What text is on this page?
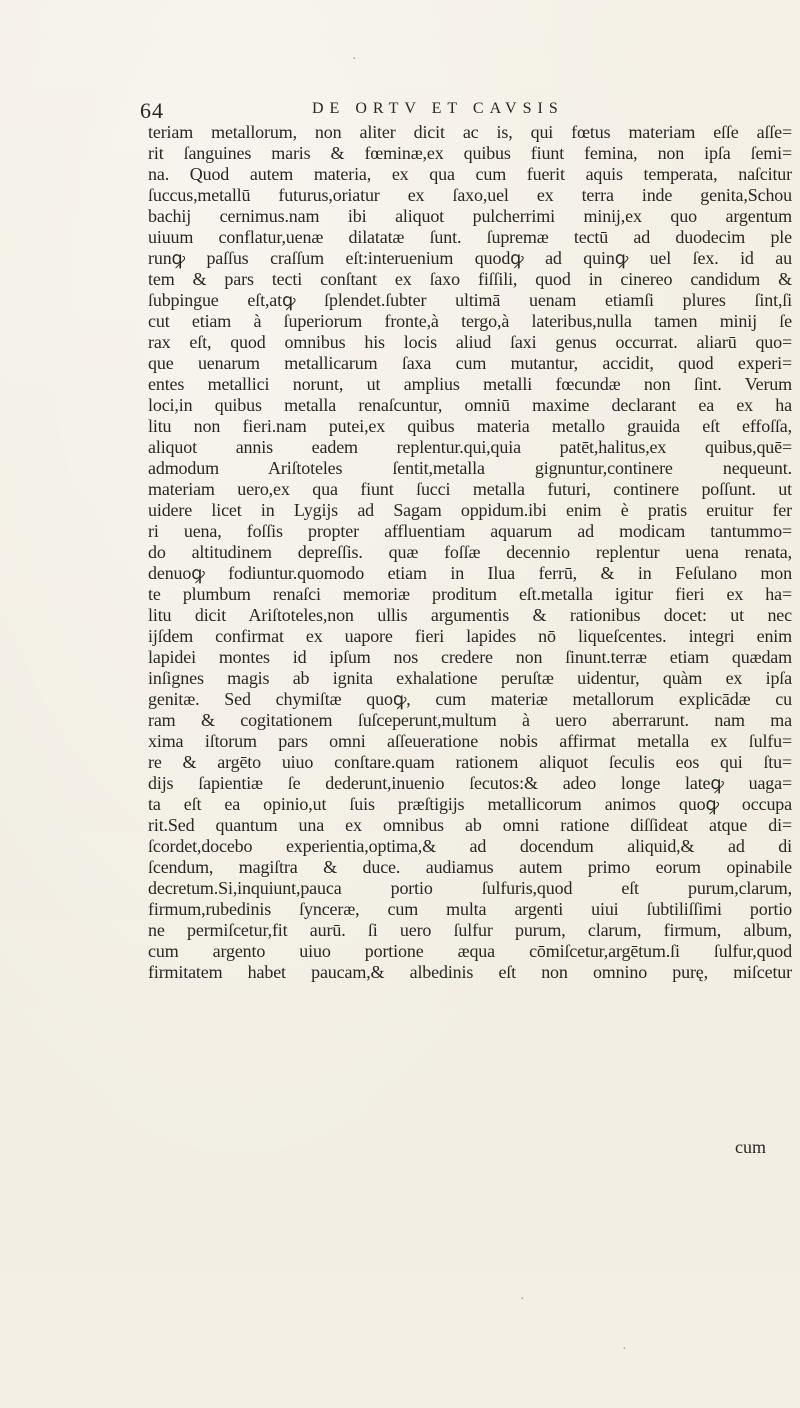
64	DE ORTV ET CAVSIS
teriam metallorum, non aliter dicit ac is, qui fœtus materiam eſſe aſſe=
rit ſanguines maris & fœminæ,ex quibus fiunt femina, non ipſa ſemi=
na. Quod autem materia, ex qua cum fuerit aquis temperata, naſcitur
ſuccus,metallū futurus,oriatur ex ſaxo,uel ex terra inde genita,Schou
bachij cernimus.nam ibi aliquot pulcherrimi minij,ex quo argentum
uiuum conflatur,uenæ dilatatæ ſunt. ſupremæ tectū ad duodecim ple
runꝙ paſſus craſſum eſt:interuenium quodꝙ ad quinꝙ uel ſex. id au
tem & pars tecti conſtant ex ſaxo fiſſili, quod in cinereo candidum &
ſubpingue eſt,atꝙ ſplendet.ſubter ultimā uenam etiamſi plures ſint,ſi
cut etiam à ſuperiorum fronte,à tergo,à lateribus,nulla tamen minij ſe
rax eſt, quod omnibus his locis aliud ſaxi genus occurrat. aliarū quo=
que uenarum metallicarum ſaxa cum mutantur, accidit, quod experi=
entes metallici norunt, ut amplius metalli fœcundæ non ſint. Verum
loci,in quibus metalla renaſcuntur, omniū maxime declarant ea ex ha
litu non fieri.nam putei,ex quibus materia metallo grauida eſt effoſſa,
aliquot annis eadem replentur.qui,quia patēt,halitus,ex quibus,quē=
admodum Ariſtoteles ſentit,metalla gignuntur,continere nequeunt.
materiam uero,ex qua fiunt ſucci metalla futuri, continere poſſunt. ut
uidere licet in Lygijs ad Sagam oppidum.ibi enim è pratis eruitur fer
ri uena, foſſis propter affluentiam aquarum ad modicam tantummo=
do altitudinem depreſſis. quæ foſſæ decennio replentur uena renata,
denuoꝙ fodiuntur.quomodo etiam in Ilua ferrū, & in Feſulano mon
te plumbum renaſci memoriæ proditum eſt.metalla igitur fieri ex ha=
litu dicit Ariſtoteles,non ullis argumentis & rationibus docet: ut nec
ijſdem confirmat ex uapore fieri lapides nō liqueſcentes. integri enim
lapidei montes id ipſum nos credere non ſinunt.terræ etiam quædam
inſignes magis ab ignita exhalatione peruſtæ uidentur, quàm ex ipſa
genitæ. Sed chymiſtæ quoꝙ, cum materiæ metallorum explicādæ cu
ram & cogitationem ſuſceperunt,multum à uero aberrarunt. nam ma
xima iſtorum pars omni aſſeueratione nobis affirmat metalla ex ſulfu=
re & argēto uiuo conſtare.quam rationem aliquot ſeculis eos qui ſtu=
dijs ſapientiæ ſe dederunt,inuenio ſecutos:& adeo longe lateꝙ uaga=
ta eſt ea opinio,ut ſuis præſtigijs metallicorum animos quoꝙ occupa
rit.Sed quantum una ex omnibus ab omni ratione diſſideat atque di=
ſcordet,docebo experientia,optima,& ad docendum aliquid,& ad di
ſcendum, magiſtra & duce. audiamus autem primo eorum opinabile
decretum.Si,inquiunt,pauca portio ſulfuris,quod eſt purum,clarum,
firmum,rubedinis ſynceræ, cum multa argenti uiui ſubtiliſſimi portio
ne permiſcetur,fit aurū. ſi uero ſulfur purum, clarum, firmum, album,
cum argento uiuo portione æqua cōmiſcetur,argētum.ſi ſulfur,quod
firmitatem habet paucam,& albedinis eſt non omnino purę, miſcetur
cum
·
·
·
